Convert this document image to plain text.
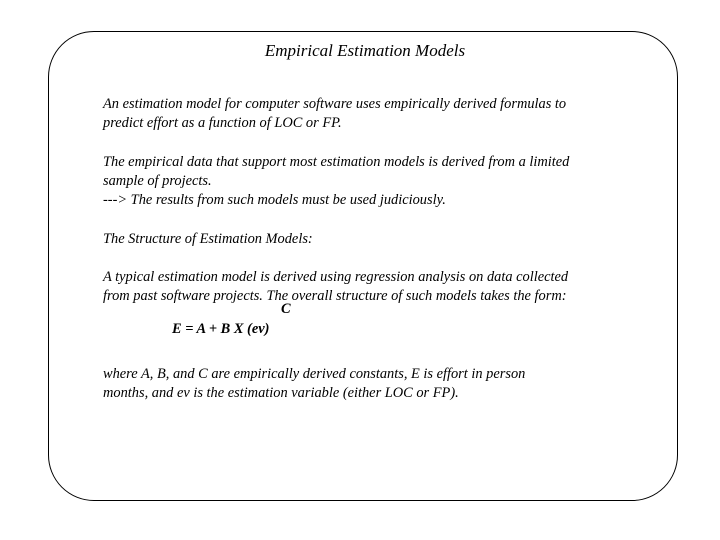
Empirical Estimation Models
An estimation model for computer software uses empirically derived formulas to
predict effort as a function of LOC or FP.
The empirical data that support most estimation models is derived from a limited
sample of projects.
---> The results from such models must be used judiciously.
The Structure of Estimation Models:
A typical estimation model is derived using regression analysis on data collected
from past software projects. The overall structure of such models takes the form:
C
E = A + B X (ev)
where A, B, and C are empirically derived constants, E is effort in person
months, and ev is the estimation variable (either LOC or FP).
